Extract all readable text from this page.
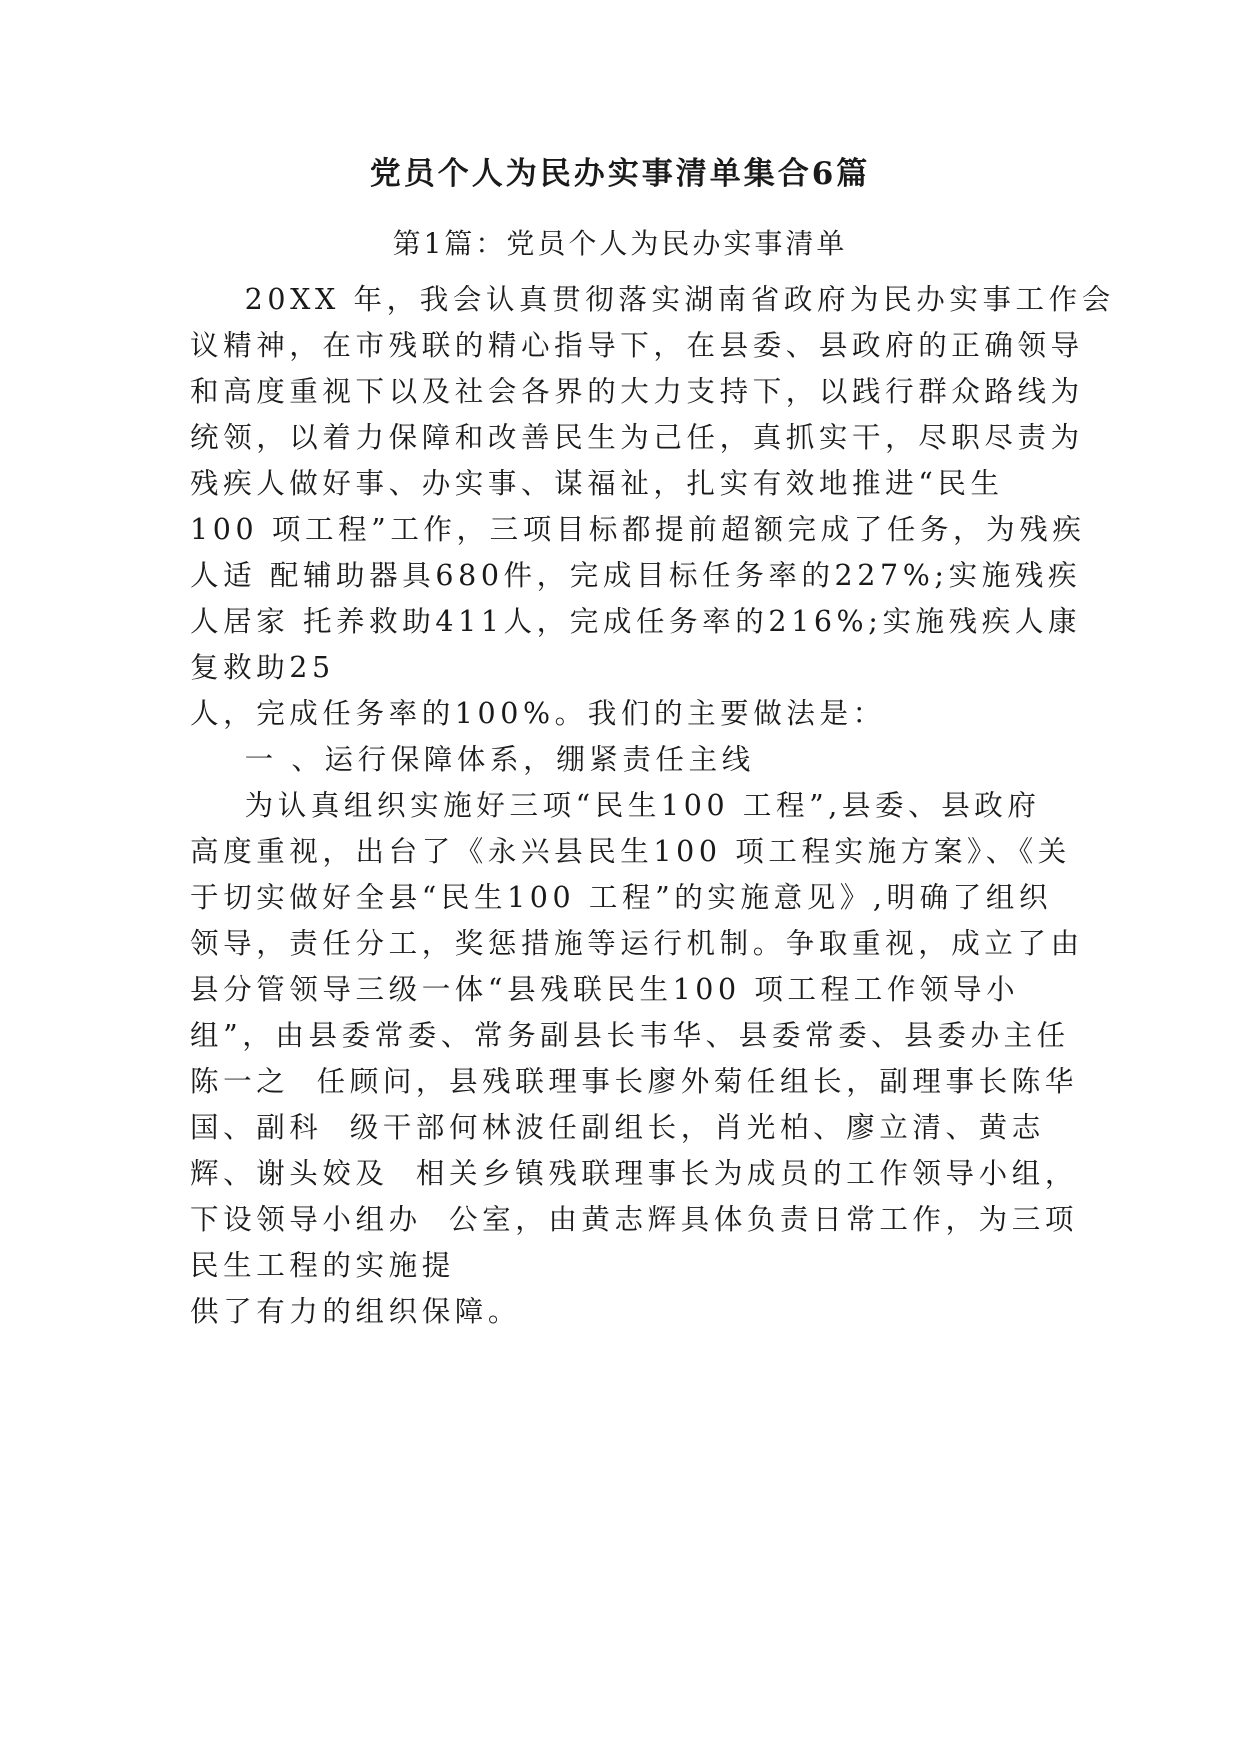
党员个人为民办实事清单集合6篇
第1篇：党员个人为民办实事清单
20XX 年，我会认真贯彻落实湖南省政府为民办实事工作会
议精神，在市残联的精心指导下，在县委、县政府的正确领导
和高度重视下以及社会各界的大力支持下，以践行群众路线为
统领，以着力保障和改善民生为己任，真抓实干，尽职尽责为
残疾人做好事、办实事、谋福祉，扎实有效地推进“民生
100 项工程”工作，三项目标都提前超额完成了任务，为残疾
人适 配辅助器具680件，完成目标任务率的227%;实施残疾
人居家 托养救助411人，完成任务率的216%;实施残疾人康
复救助25
人，完成任务率的100%。我们的主要做法是：
一 、运行保障体系，绷紧责任主线
为认真组织实施好三项“民生100 工程”,县委、县政府
高度重视，出台了《永兴县民生100 项工程实施方案》、《关
于切实做好全县“民生100 工程”的实施意见》,明确了组织
领导，责任分工，奖惩措施等运行机制。争取重视，成立了由
县分管领导三级一体“县残联民生100 项工程工作领导小
组”，由县委常委、常务副县长韦华、县委常委、县委办主任
陈一之  任顾问，县残联理事长廖外菊任组长，副理事长陈华
国、副科  级干部何林波任副组长，肖光柏、廖立清、黄志
辉、谢头姣及  相关乡镇残联理事长为成员的工作领导小组，
下设领导小组办  公室，由黄志辉具体负责日常工作，为三项
民生工程的实施提
供了有力的组织保障。
